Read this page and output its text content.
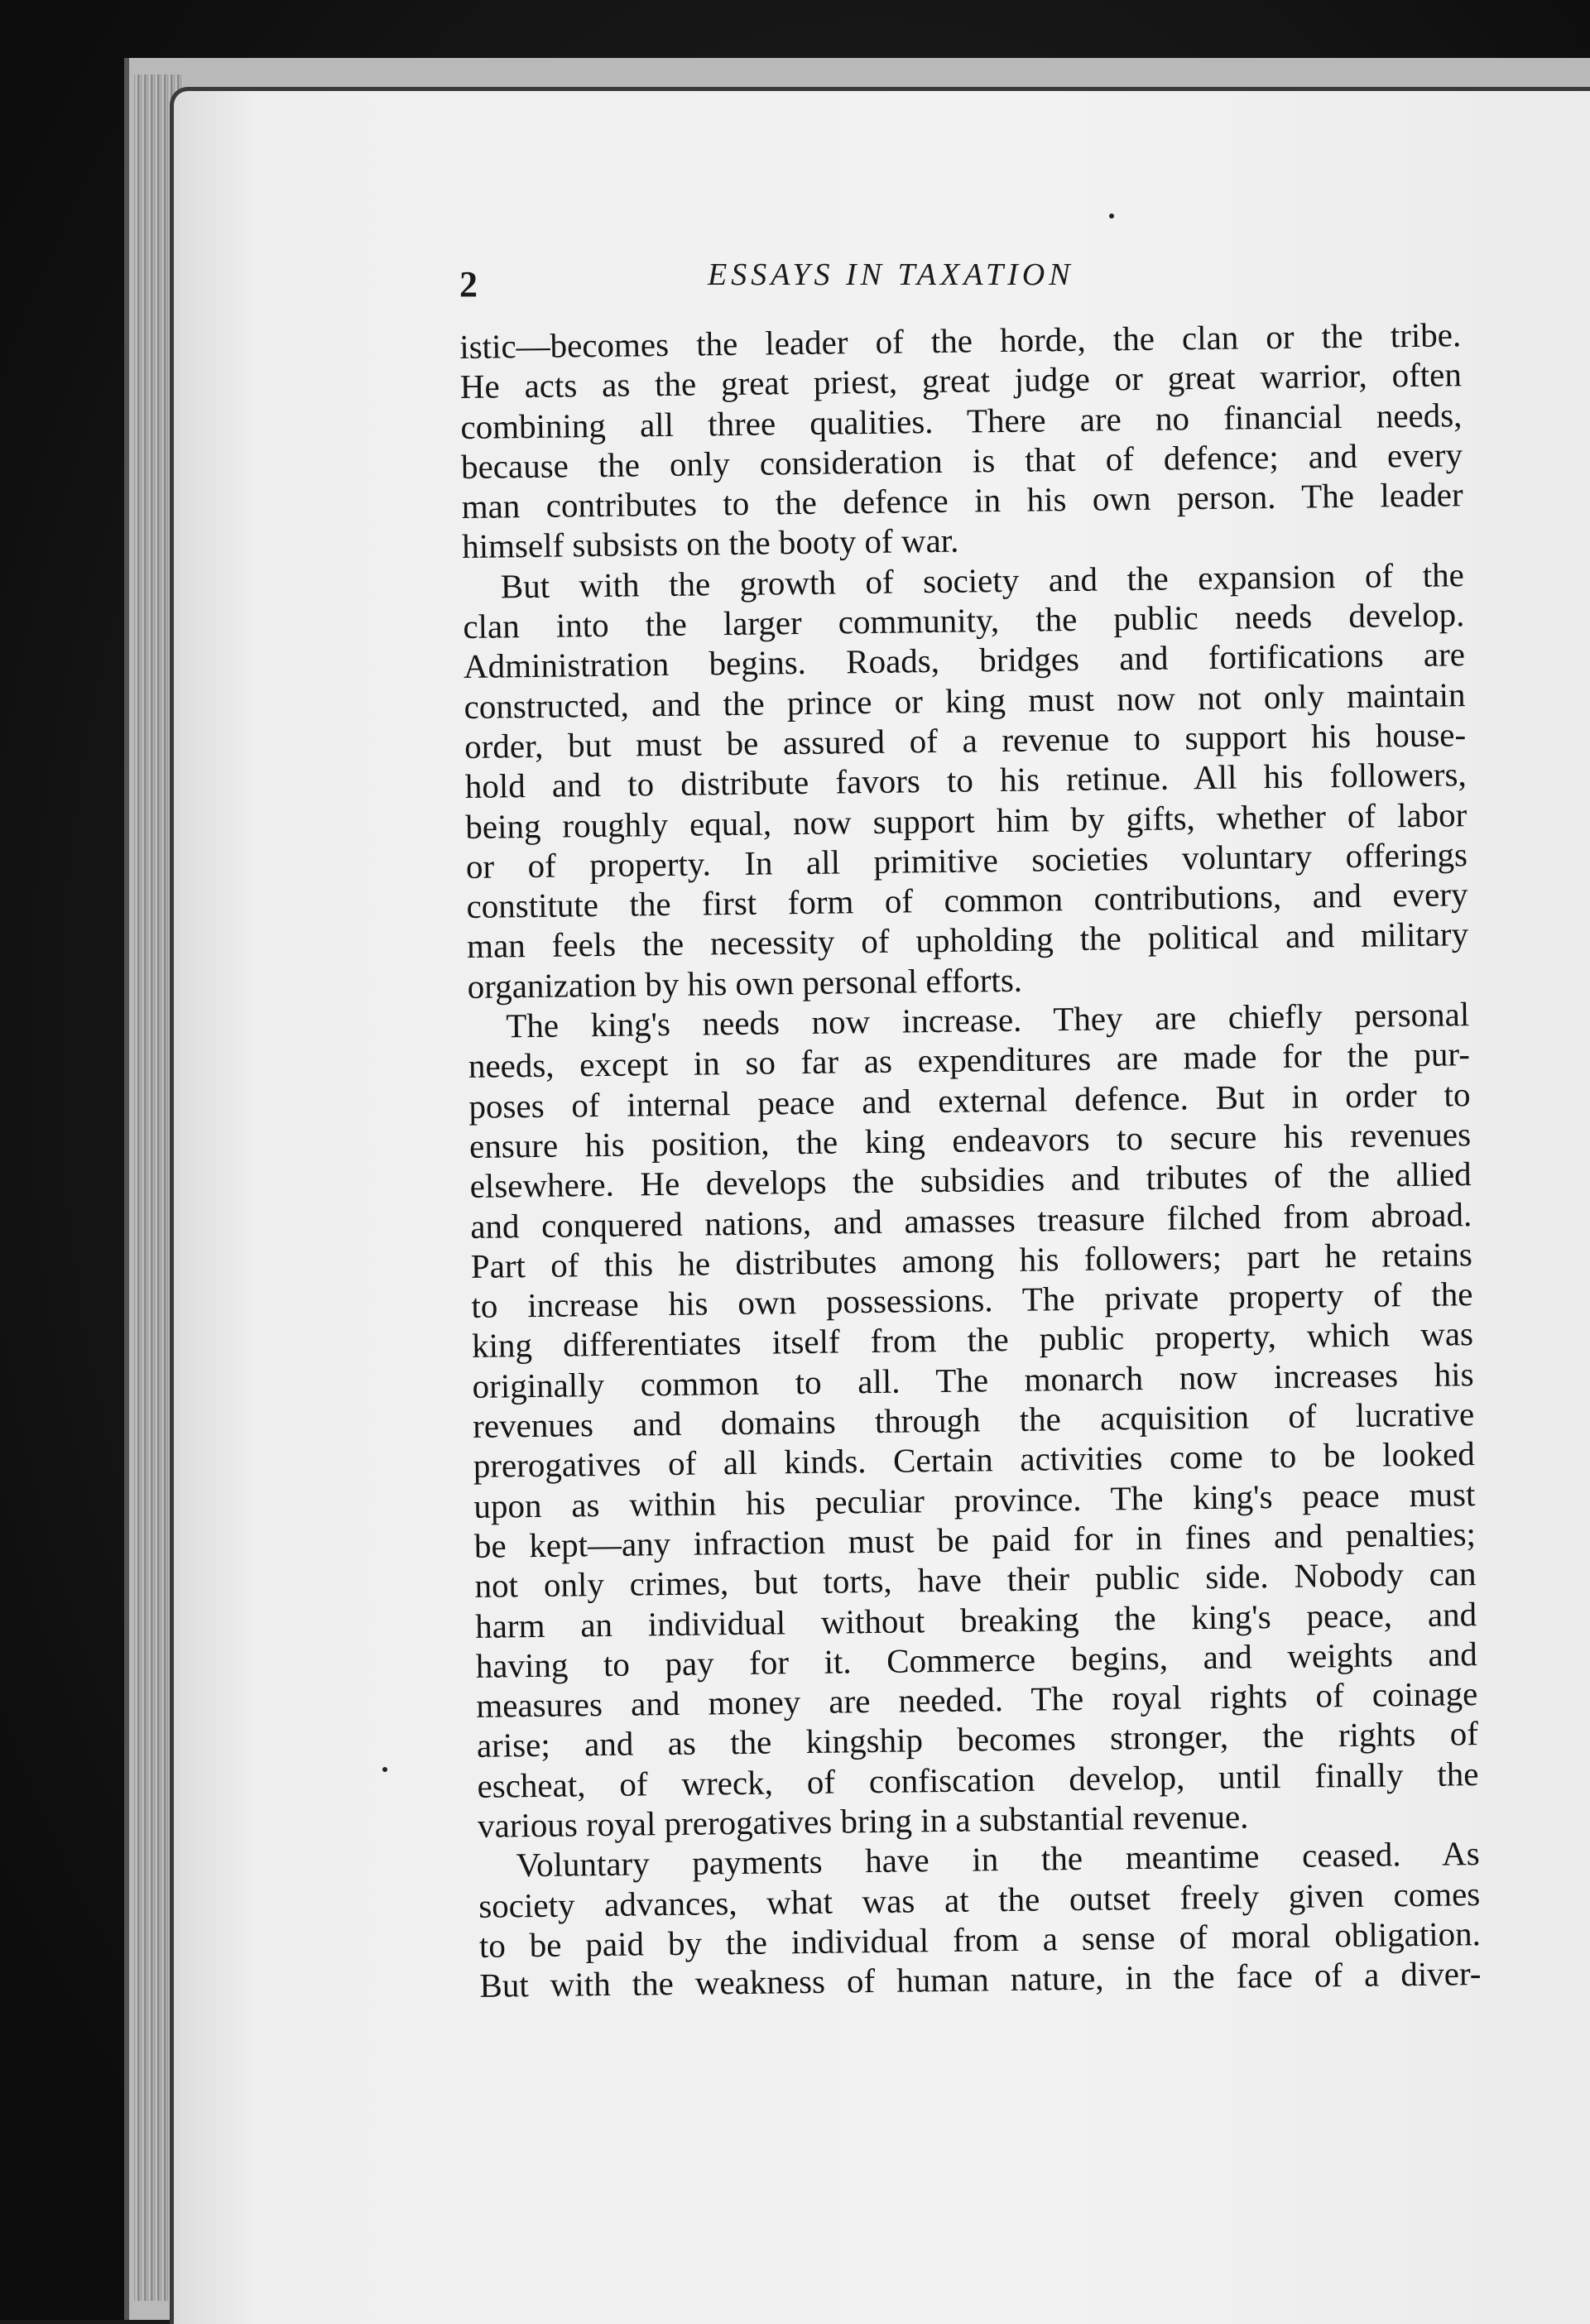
2	ESSAYS IN TAXATION
istic—becomes the leader of the horde, the clan or the tribe.
He acts as the great priest, great judge or great warrior, often
combining all three qualities. There are no financial needs,
because the only consideration is that of defence; and every
man contributes to the defence in his own person. The leader
himself subsists on the booty of war.
But with the growth of society and the expansion of the
clan into the larger community, the public needs develop.
Administration begins. Roads, bridges and fortifications are
constructed, and the prince or king must now not only maintain
order, but must be assured of a revenue to support his house-
hold and to distribute favors to his retinue. All his followers,
being roughly equal, now support him by gifts, whether of labor
or of property. In all primitive societies voluntary offerings
constitute the first form of common contributions, and every
man feels the necessity of upholding the political and military
organization by his own personal efforts.
The king's needs now increase. They are chiefly personal
needs, except in so far as expenditures are made for the pur-
poses of internal peace and external defence. But in order to
ensure his position, the king endeavors to secure his revenues
elsewhere. He develops the subsidies and tributes of the allied
and conquered nations, and amasses treasure filched from abroad.
Part of this he distributes among his followers; part he retains
to increase his own possessions. The private property of the
king differentiates itself from the public property, which was
originally common to all. The monarch now increases his
revenues and domains through the acquisition of lucrative
prerogatives of all kinds. Certain activities come to be looked
upon as within his peculiar province. The king's peace must
be kept—any infraction must be paid for in fines and penalties;
not only crimes, but torts, have their public side. Nobody can
harm an individual without breaking the king's peace, and
having to pay for it. Commerce begins, and weights and
measures and money are needed. The royal rights of coinage
arise; and as the kingship becomes stronger, the rights of
escheat, of wreck, of confiscation develop, until finally the
various royal prerogatives bring in a substantial revenue.
Voluntary payments have in the meantime ceased. As
society advances, what was at the outset freely given comes
to be paid by the individual from a sense of moral obligation.
But with the weakness of human nature, in the face of a diver-
